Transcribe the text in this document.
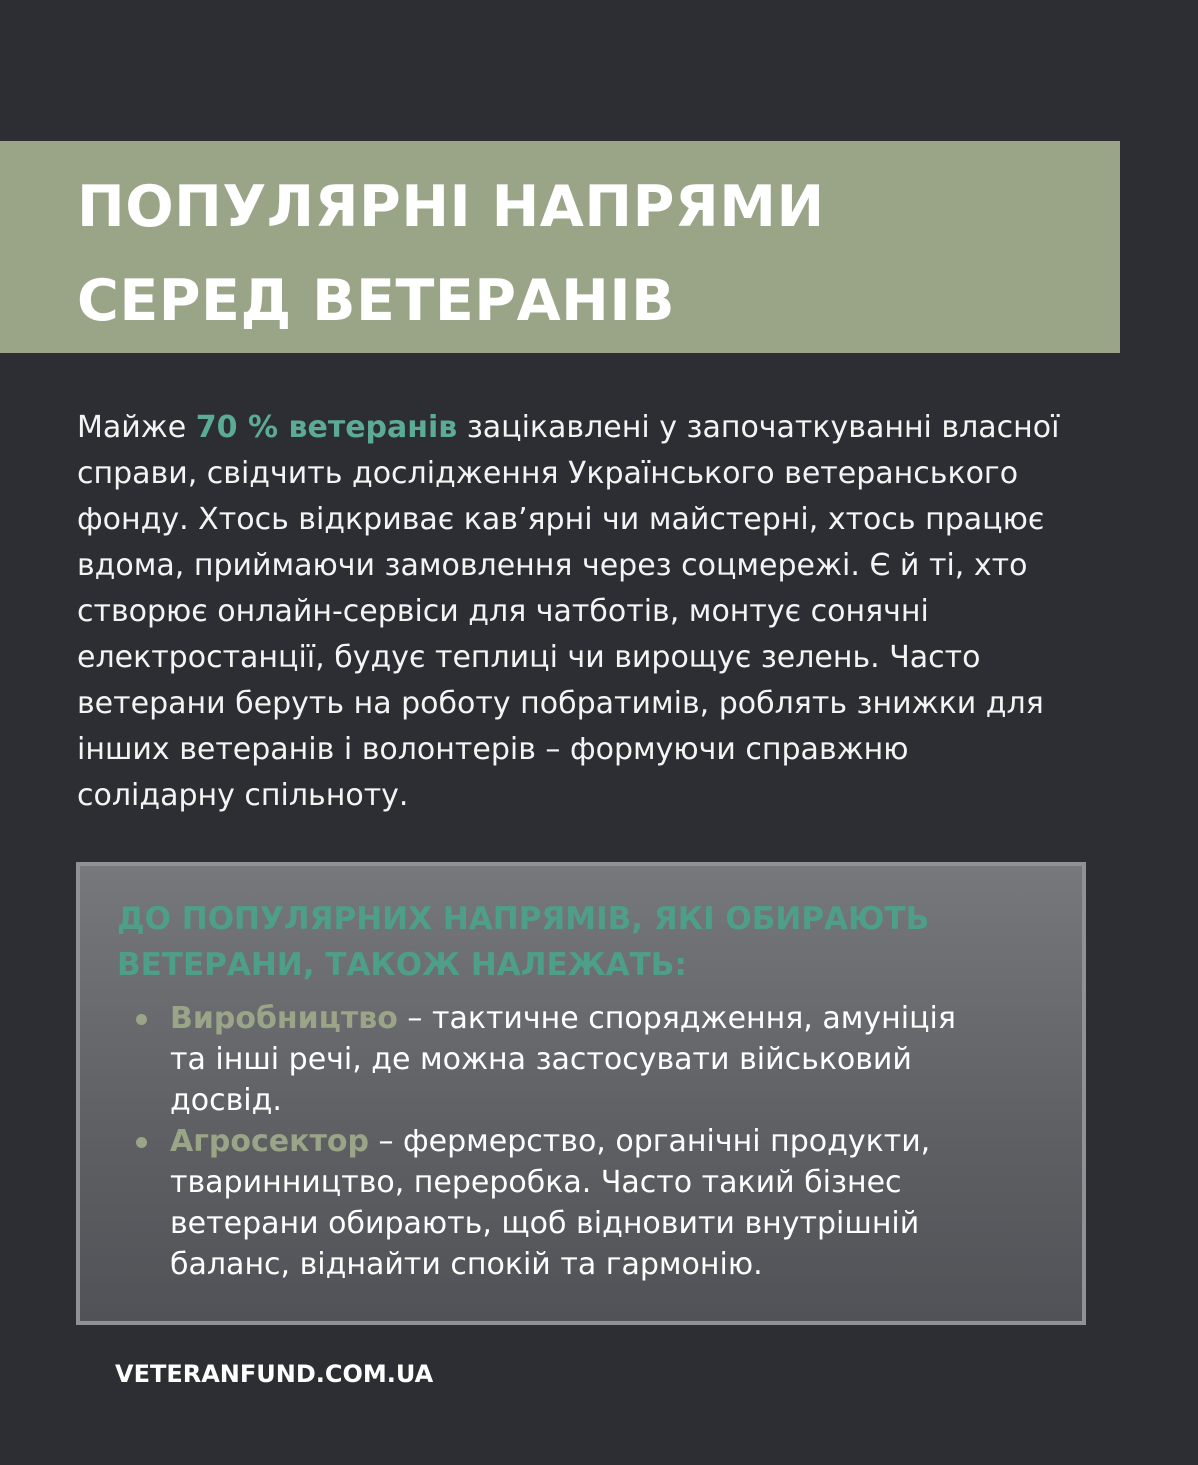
ПОПУЛЯРНІ НАПРЯМИ
СЕРЕД ВЕТЕРАНІВ
Майже 70 % ветеранів зацікавлені у започаткуванні власної
справи, свідчить дослідження Українського ветеранського
фонду. Хтось відкриває кав’ярні чи майстерні, хтось працює
вдома, приймаючи замовлення через соцмережі. Є й ті, хто
створює онлайн-сервіси для чатботів, монтує сонячні
електростанції, будує теплиці чи вирощує зелень. Часто
ветерани беруть на роботу побратимів, роблять знижки для
інших ветеранів і волонтерів – формуючи справжню
солідарну спільноту.
ДО ПОПУЛЯРНИХ НАПРЯМІВ, ЯКІ ОБИРАЮТЬ
ВЕТЕРАНИ, ТАКОЖ НАЛЕЖАТЬ:
Виробництво – тактичне спорядження, амуніція
та інші речі, де можна застосувати військовий
досвід.
Агросектор – фермерство, органічні продукти,
тваринництво, переробка. Часто такий бізнес
ветерани обирають, щоб відновити внутрішній
баланс, віднайти спокій та гармонію.
VETERANFUND.COM.UA
